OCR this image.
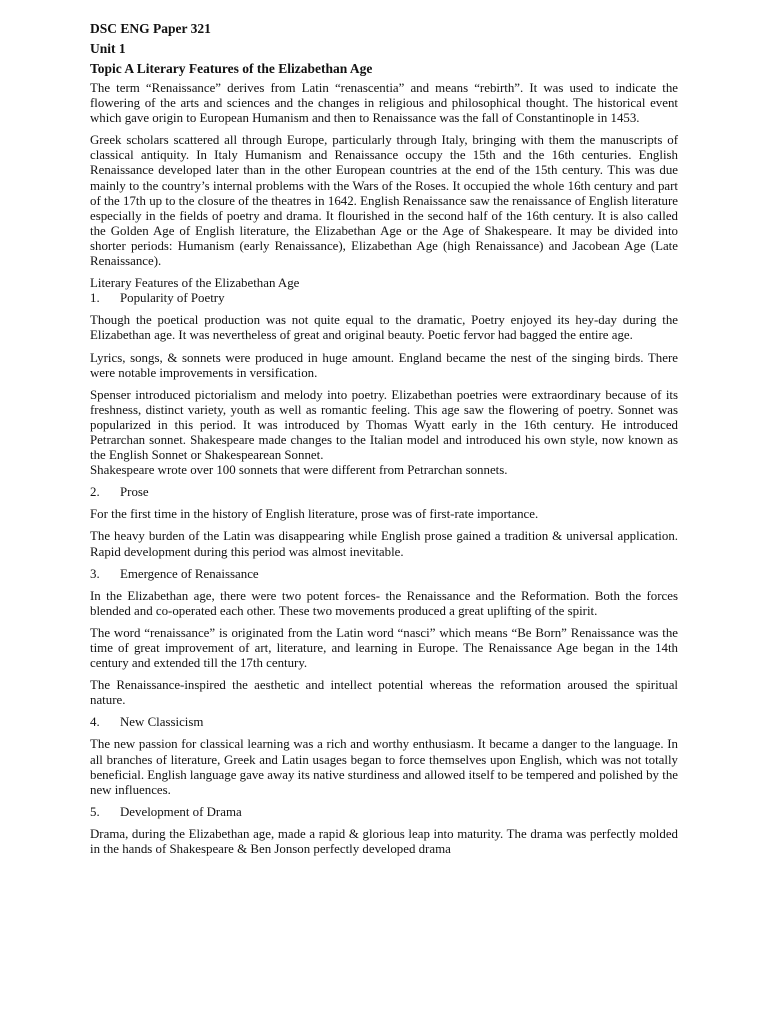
DSC ENG Paper 321
Unit 1
Topic A Literary Features of the Elizabethan Age

The term “Renaissance” derives from Latin “renascentia” and means “rebirth”. It was used to indicate the flowering of the arts and sciences and the changes in religious and philosophical thought. The historical event which gave origin to European Humanism and then to Renaissance was the fall of Constantinople in 1453.

Greek scholars scattered all through Europe, particularly through Italy, bringing with them the manuscripts of classical antiquity. In Italy Humanism and Renaissance occupy the 15th and the 16th centuries. English Renaissance developed later than in the other European countries at the end of the 15th century. This was due mainly to the country’s internal problems with the Wars of the Roses. It occupied the whole 16th century and part of the 17th up to the closure of the theatres in 1642. English Renaissance saw the renaissance of English literature especially in the fields of poetry and drama. It flourished in the second half of the 16th century. It is also called the Golden Age of English literature, the Elizabethan Age or the Age of Shakespeare. It may be divided into shorter periods: Humanism (early Renaissance), Elizabethan Age (high Renaissance) and Jacobean Age (Late Renaissance).

Literary Features of the Elizabethan Age

1.	Popularity of Poetry

Though the poetical production was not quite equal to the dramatic, Poetry enjoyed its hey-day during the Elizabethan age. It was nevertheless of great and original beauty. Poetic fervor had bagged the entire age.

Lyrics, songs, & sonnets were produced in huge amount. England became the nest of the singing birds. There were notable improvements in versification.

Spenser introduced pictorialism and melody into poetry. Elizabethan poetries were extraordinary because of its freshness, distinct variety, youth as well as romantic feeling. This age saw the flowering of poetry. Sonnet was popularized in this period. It was introduced by Thomas Wyatt early in the 16th century. He introduced Petrarchan sonnet. Shakespeare made changes to the Italian model and introduced his own style, now known as the English Sonnet or Shakespearean Sonnet.

Shakespeare wrote over 100 sonnets that were different from Petrarchan sonnets.

2.	Prose

For the first time in the history of English literature, prose was of first-rate importance.

The heavy burden of the Latin was disappearing while English prose gained a tradition & universal application. Rapid development during this period was almost inevitable.

3.	Emergence of Renaissance

In the Elizabethan age, there were two potent forces- the Renaissance and the Reformation. Both the forces blended and co-operated each other. These two movements produced a great uplifting of the spirit.

The word “renaissance” is originated from the Latin word “nasci” which means “Be Born” Renaissance was the time of great improvement of art, literature, and learning in Europe. The Renaissance Age began in the 14th century and extended till the 17th century.

The Renaissance-inspired the aesthetic and intellect potential whereas the reformation aroused the spiritual nature.

4.	New Classicism

The new passion for classical learning was a rich and worthy enthusiasm. It became a danger to the language. In all branches of literature, Greek and Latin usages began to force themselves upon English, which was not totally beneficial. English language gave away its native sturdiness and allowed itself to be tempered and polished by the new influences.

5.	Development of Drama

Drama, during the Elizabethan age, made a rapid & glorious leap into maturity. The drama was perfectly molded in the hands of Shakespeare & Ben Jonson perfectly developed drama
